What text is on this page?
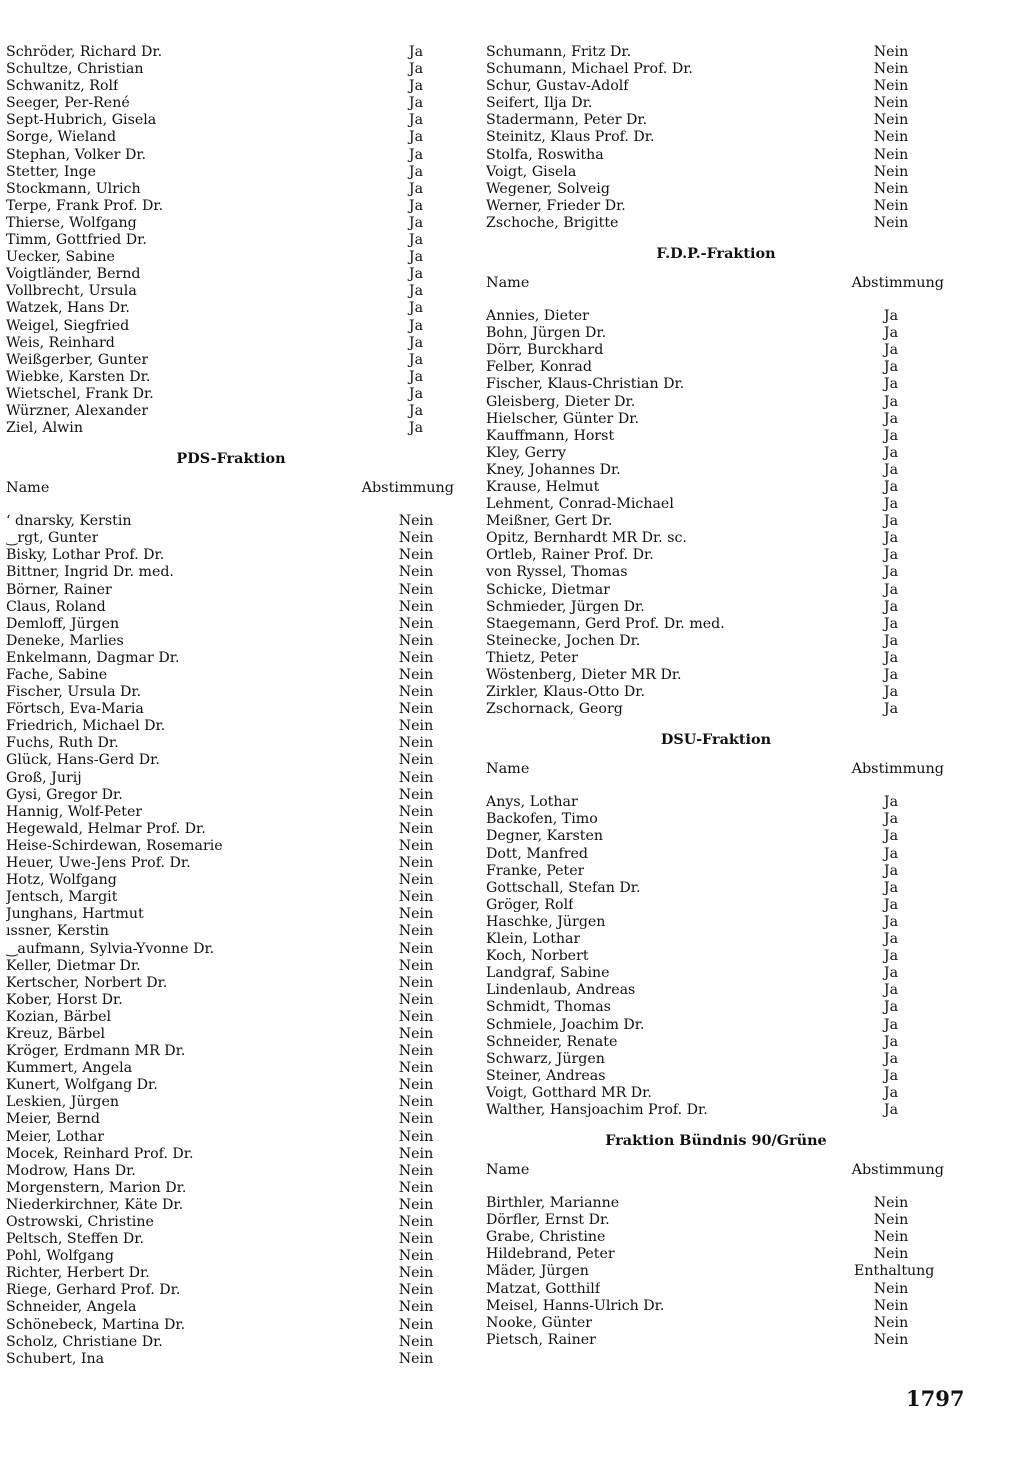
Schröder, Richard Dr.	Ja
Schultze, Christian	Ja
Schwanitz, Rolf	Ja
Seeger, Per-René	Ja
Sept-Hubrich, Gisela	Ja
Sorge, Wieland	Ja
Stephan, Volker Dr.	Ja
Stetter, Inge	Ja
Stockmann, Ulrich	Ja
Terpe, Frank Prof. Dr.	Ja
Thierse, Wolfgang	Ja
Timm, Gottfried Dr.	Ja
Uecker, Sabine	Ja
Voigtländer, Bernd	Ja
Vollbrecht, Ursula	Ja
Watzek, Hans Dr.	Ja
Weigel, Siegfried	Ja
Weis, Reinhard	Ja
Weißgerber, Gunter	Ja
Wiebke, Karsten Dr.	Ja
Wietschel, Frank Dr.	Ja
Würzner, Alexander	Ja
Ziel, Alwin	Ja
PDS-Fraktion
Name	Abstimmung
‘ dnarsky, Kerstin	Nein
‿rgt, Gunter	Nein
Bisky, Lothar Prof. Dr.	Nein
Bittner, Ingrid Dr. med.	Nein
Börner, Rainer	Nein
Claus, Roland	Nein
Demloff, Jürgen	Nein
Deneke, Marlies	Nein
Enkelmann, Dagmar Dr.	Nein
Fache, Sabine	Nein
Fischer, Ursula Dr.	Nein
Förtsch, Eva-Maria	Nein
Friedrich, Michael Dr.	Nein
Fuchs, Ruth Dr.	Nein
Glück, Hans-Gerd Dr.	Nein
Groß, Jurij	Nein
Gysi, Gregor Dr.	Nein
Hannig, Wolf-Peter	Nein
Hegewald, Helmar Prof. Dr.	Nein
Heise-Schirdewan, Rosemarie	Nein
Heuer, Uwe-Jens Prof. Dr.	Nein
Hotz, Wolfgang	Nein
Jentsch, Margit	Nein
Junghans, Hartmut	Nein
ıssner, Kerstin	Nein
‿aufmann, Sylvia-Yvonne Dr.	Nein
Keller, Dietmar Dr.	Nein
Kertscher, Norbert Dr.	Nein
Kober, Horst Dr.	Nein
Kozian, Bärbel	Nein
Kreuz, Bärbel	Nein
Kröger, Erdmann MR Dr.	Nein
Kummert, Angela	Nein
Kunert, Wolfgang Dr.	Nein
Leskien, Jürgen	Nein
Meier, Bernd	Nein
Meier, Lothar	Nein
Mocek, Reinhard Prof. Dr.	Nein
Modrow, Hans Dr.	Nein
Morgenstern, Marion Dr.	Nein
Niederkirchner, Käte Dr.	Nein
Ostrowski, Christine	Nein
Peltsch, Steffen Dr.	Nein
Pohl, Wolfgang	Nein
Richter, Herbert Dr.	Nein
Riege, Gerhard Prof. Dr.	Nein
Schneider, Angela	Nein
Schönebeck, Martina Dr.	Nein
Scholz, Christiane Dr.	Nein
Schubert, Ina	Nein
Schumann, Fritz Dr.	Nein
Schumann, Michael Prof. Dr.	Nein
Schur, Gustav-Adolf	Nein
Seifert, Ilja Dr.	Nein
Stadermann, Peter Dr.	Nein
Steinitz, Klaus Prof. Dr.	Nein
Stolfa, Roswitha	Nein
Voigt, Gisela	Nein
Wegener, Solveig	Nein
Werner, Frieder Dr.	Nein
Zschoche, Brigitte	Nein
F.D.P.-Fraktion
Name	Abstimmung
Annies, Dieter	Ja
Bohn, Jürgen Dr.	Ja
Dörr, Burckhard	Ja
Felber, Konrad	Ja
Fischer, Klaus-Christian Dr.	Ja
Gleisberg, Dieter Dr.	Ja
Hielscher, Günter Dr.	Ja
Kauffmann, Horst	Ja
Kley, Gerry	Ja
Kney, Johannes Dr.	Ja
Krause, Helmut	Ja
Lehment, Conrad-Michael	Ja
Meißner, Gert Dr.	Ja
Opitz, Bernhardt MR Dr. sc.	Ja
Ortleb, Rainer Prof. Dr.	Ja
von Ryssel, Thomas	Ja
Schicke, Dietmar	Ja
Schmieder, Jürgen Dr.	Ja
Staegemann, Gerd Prof. Dr. med.	Ja
Steinecke, Jochen Dr.	Ja
Thietz, Peter	Ja
Wöstenberg, Dieter MR Dr.	Ja
Zirkler, Klaus-Otto Dr.	Ja
Zschornack, Georg	Ja
DSU-Fraktion
Name	Abstimmung
Anys, Lothar	Ja
Backofen, Timo	Ja
Degner, Karsten	Ja
Dott, Manfred	Ja
Franke, Peter	Ja
Gottschall, Stefan Dr.	Ja
Gröger, Rolf	Ja
Haschke, Jürgen	Ja
Klein, Lothar	Ja
Koch, Norbert	Ja
Landgraf, Sabine	Ja
Lindenlaub, Andreas	Ja
Schmidt, Thomas	Ja
Schmiele, Joachim Dr.	Ja
Schneider, Renate	Ja
Schwarz, Jürgen	Ja
Steiner, Andreas	Ja
Voigt, Gotthard MR Dr.	Ja
Walther, Hansjoachim Prof. Dr.	Ja
Fraktion Bündnis 90/Grüne
Name	Abstimmung
Birthler, Marianne	Nein
Dörfler, Ernst Dr.	Nein
Grabe, Christine	Nein
Hildebrand, Peter	Nein
Mäder, Jürgen	Enthaltung
Matzat, Gotthilf	Nein
Meisel, Hanns-Ulrich Dr.	Nein
Nooke, Günter	Nein
Pietsch, Rainer	Nein
1797
